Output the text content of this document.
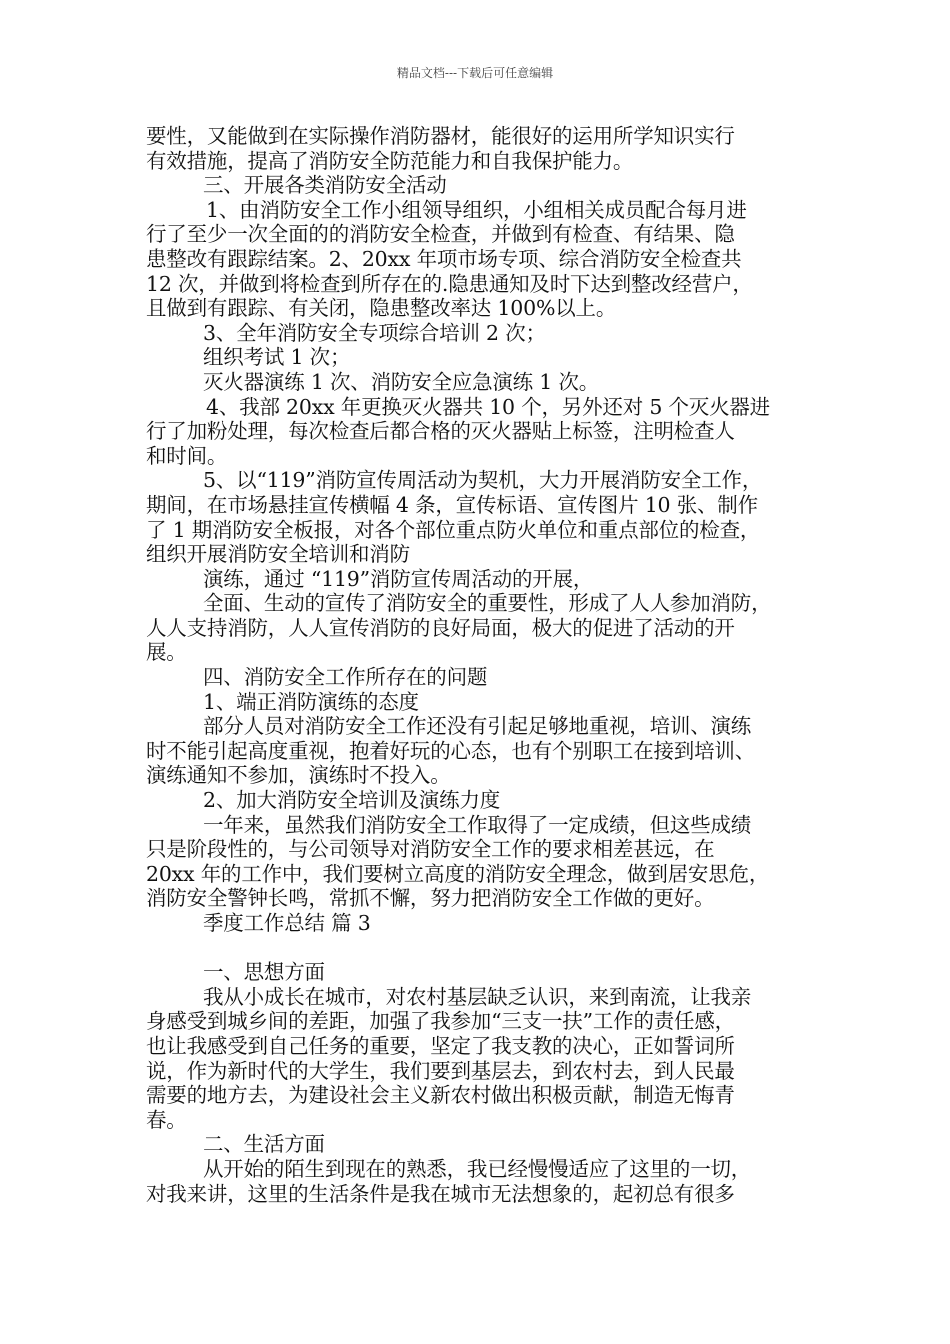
精品文档---下载后可任意编辑
要性，又能做到在实际操作消防器材，能很好的运用所学知识实行
有效措施，提高了消防安全防范能力和自我保护能力。
三、开展各类消防安全活动
1、由消防安全工作小组领导组织，小组相关成员配合每月进
行了至少一次全面的的消防安全检查，并做到有检查、有结果、隐
患整改有跟踪结案。2、20xx 年项市场专项、综合消防安全检查共
12 次，并做到将检查到所存在的.隐患通知及时下达到整改经营户，
且做到有跟踪、有关闭，隐患整改率达 100%以上。
3、全年消防安全专项综合培训 2 次；
组织考试 1 次；
灭火器演练 1 次、消防安全应急演练 1 次。
4、我部 20xx 年更换灭火器共 10 个，另外还对 5 个灭火器进
行了加粉处理，每次检查后都合格的灭火器贴上标签，注明检查人
和时间。
5、以“119”消防宣传周活动为契机，大力开展消防安全工作，
期间，在市场悬挂宣传横幅 4 条，宣传标语、宣传图片 10 张、制作
了 1 期消防安全板报，对各个部位重点防火单位和重点部位的检查，
组织开展消防安全培训和消防
演练，通过 “119”消防宣传周活动的开展，
全面、生动的宣传了消防安全的重要性，形成了人人参加消防，
人人支持消防，人人宣传消防的良好局面，极大的促进了活动的开
展。
四、消防安全工作所存在的问题
1、端正消防演练的态度
部分人员对消防安全工作还没有引起足够地重视，培训、演练
时不能引起高度重视，抱着好玩的心态，也有个别职工在接到培训、
演练通知不参加，演练时不投入。
2、加大消防安全培训及演练力度
一年来，虽然我们消防安全工作取得了一定成绩，但这些成绩
只是阶段性的，与公司领导对消防安全工作的要求相差甚远，在
20xx 年的工作中，我们要树立高度的消防安全理念，做到居安思危，
消防安全警钟长鸣，常抓不懈，努力把消防安全工作做的更好。
季度工作总结 篇 3
一、思想方面
我从小成长在城市，对农村基层缺乏认识，来到南流，让我亲
身感受到城乡间的差距，加强了我参加“三支一扶”工作的责任感，
也让我感受到自己任务的重要，坚定了我支教的决心，正如誓词所
说，作为新时代的大学生，我们要到基层去，到农村去，到人民最
需要的地方去，为建设社会主义新农村做出积极贡献，制造无悔青
春。
二、生活方面
从开始的陌生到现在的熟悉，我已经慢慢适应了这里的一切，
对我来讲，这里的生活条件是我在城市无法想象的，起初总有很多
